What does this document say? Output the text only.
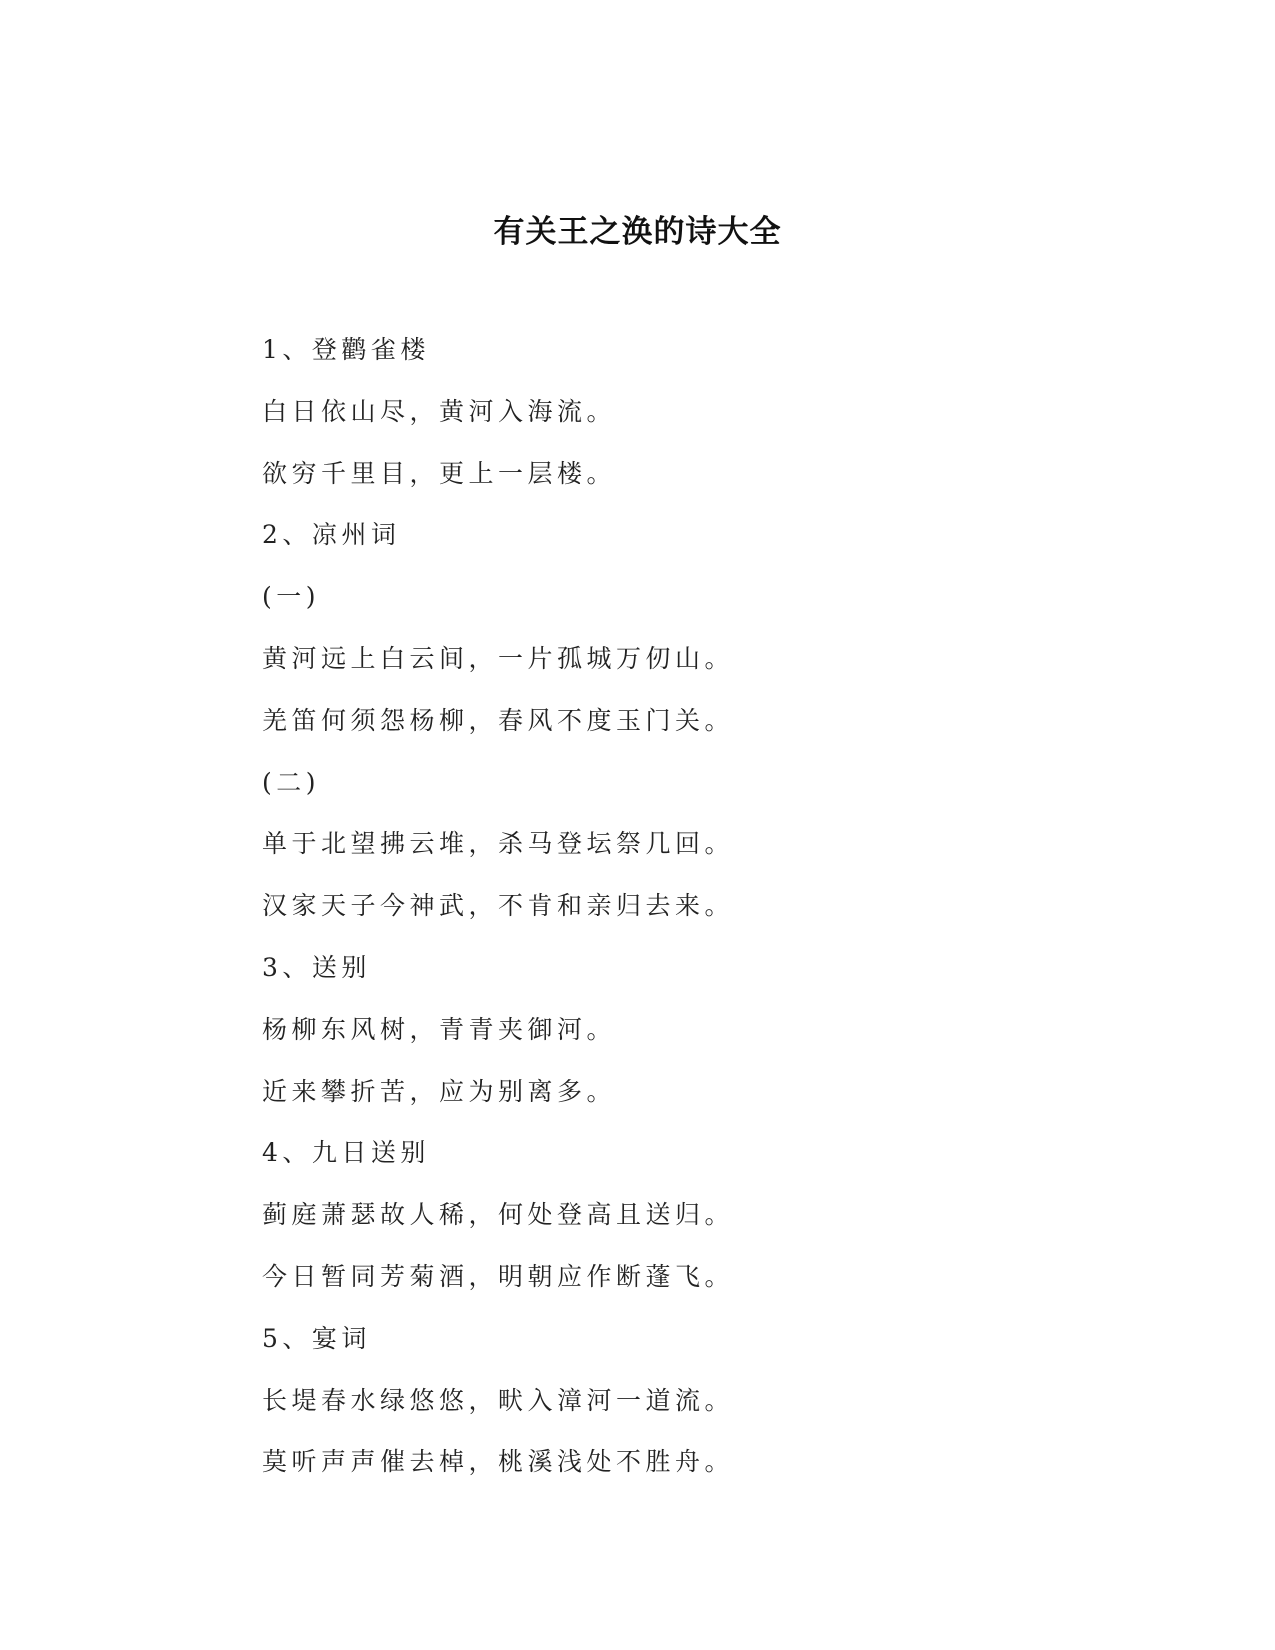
有关王之涣的诗大全
1、登鹳雀楼
白日依山尽，黄河入海流。
欲穷千里目，更上一层楼。
2、凉州词
(一)
黄河远上白云间，一片孤城万仞山。
羌笛何须怨杨柳，春风不度玉门关。
(二)
单于北望拂云堆，杀马登坛祭几回。
汉家天子今神武，不肯和亲归去来。
3、送别
杨柳东风树，青青夹御河。
近来攀折苦，应为别离多。
4、九日送别
蓟庭萧瑟故人稀，何处登高且送归。
今日暂同芳菊酒，明朝应作断蓬飞。
5、宴词
长堤春水绿悠悠，畎入漳河一道流。
莫听声声催去棹，桃溪浅处不胜舟。
